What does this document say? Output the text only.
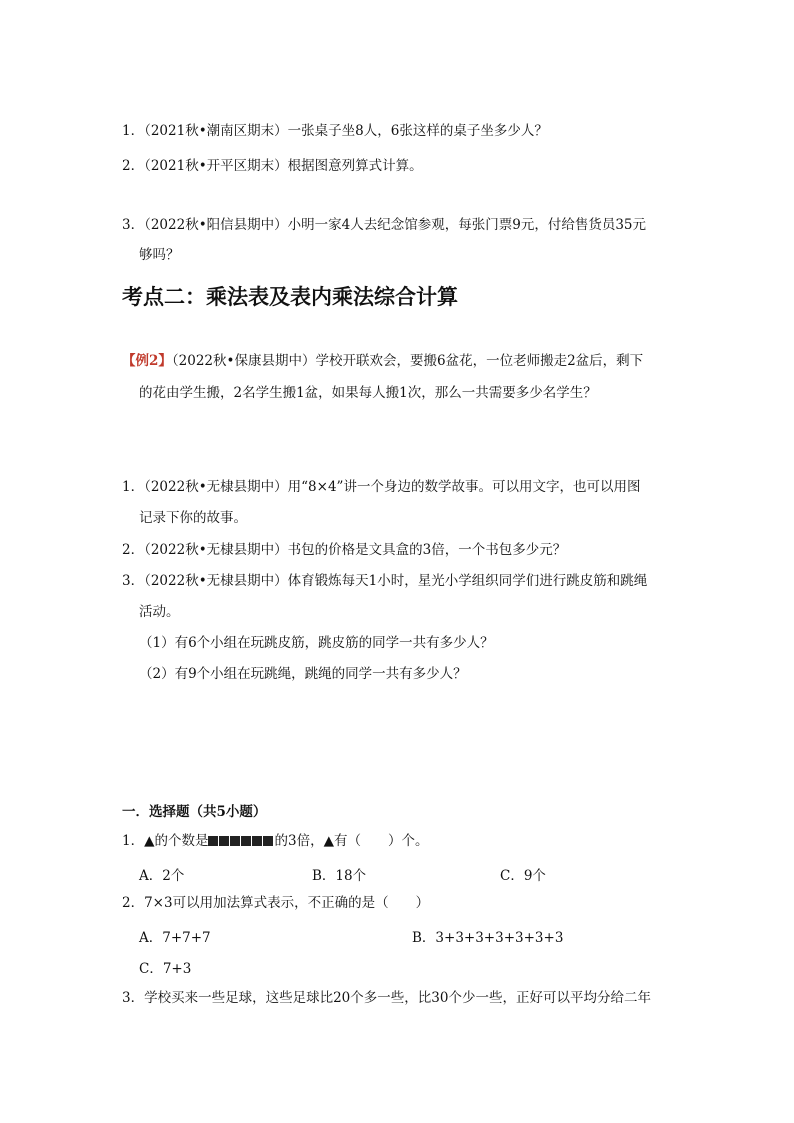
1．（2021秋•潮南区期末）一张桌子坐8人，6张这样的桌子坐多少人？
2．（2021秋•开平区期末）根据图意列算式计算。
3．（2022秋•阳信县期中）小明一家4人去纪念馆参观，每张门票9元，付给售货员35元
够吗？
考点二：乘法表及表内乘法综合计算
【例2】（2022秋•保康县期中）学校开联欢会，要搬6盆花，一位老师搬走2盆后，剩下
的花由学生搬，2名学生搬1盆，如果每人搬1次，那么一共需要多少名学生？
1．（2022秋•无棣县期中）用“8×4”讲一个身边的数学故事。可以用文字，也可以用图
记录下你的故事。
2．（2022秋•无棣县期中）书包的价格是文具盒的3倍，一个书包多少元？
3．（2022秋•无棣县期中）体育锻炼每天1小时，星光小学组织同学们进行跳皮筋和跳绳
活动。
（1）有6个小组在玩跳皮筋，跳皮筋的同学一共有多少人？
（2）有9个小组在玩跳绳，跳绳的同学一共有多少人？
一．选择题（共5小题）
1．▲的个数是	的3倍，▲有（　　）个。
A．2个	B．18个	C．9个
2．7×3可以用加法算式表示，不正确的是（　　）
A．7+7+7	B．3+3+3+3+3+3+3
C．7+3
3．学校买来一些足球，这些足球比20个多一些，比30个少一些，正好可以平均分给二年
